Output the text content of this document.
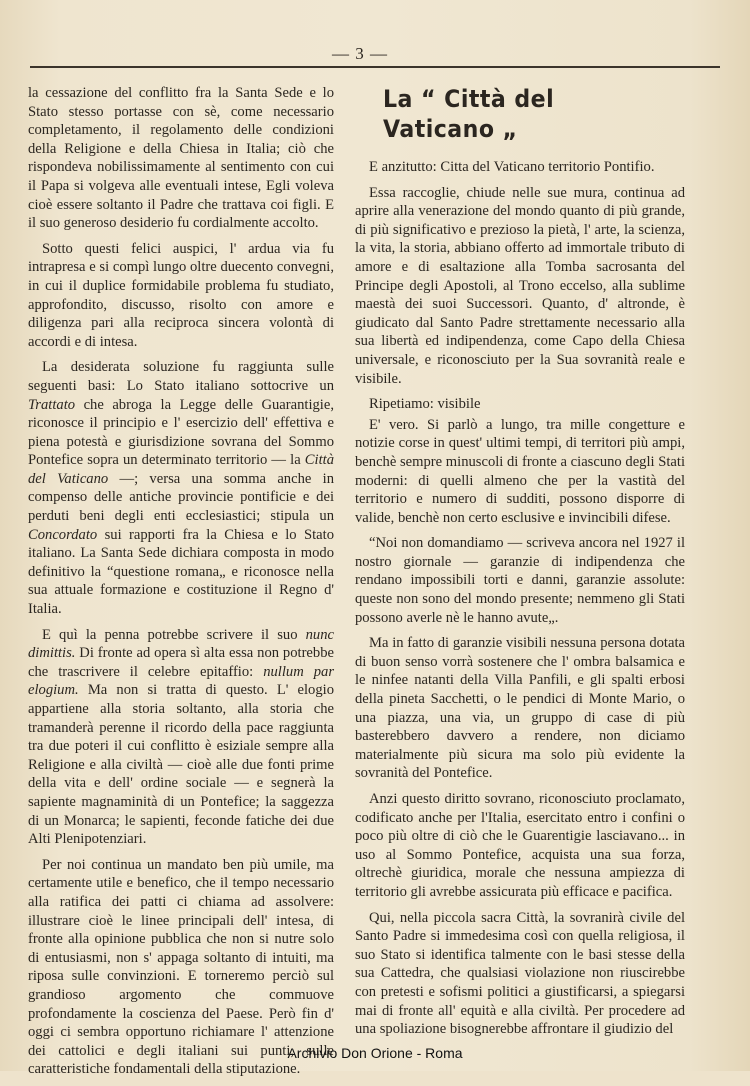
— 3 —

la cessazione del conflitto fra la Santa Sede e lo Stato stesso portasse con sè, come necessario completamento, il regolamento delle condizioni della Religione e della Chiesa in Italia; ciò che rispondeva nobilissimamente al sentimento con cui il Papa si volgeva alle eventuali intese, Egli voleva cioè essere soltanto il Padre che trattava coi figli. E il suo generoso desiderio fu cordialmente accolto.

Sotto questi felici auspici, l' ardua via fu intrapresa e si compì lungo oltre duecento convegni, in cui il duplice formidabile problema fu studiato, approfondito, discusso, risolto con amore e diligenza pari alla reciproca sincera volontà di accordi e di intesa.

La desiderata soluzione fu raggiunta sulle seguenti basi: Lo Stato italiano sottocrive un Trattato che abroga la Legge delle Guarantigie, riconosce il principio e l' esercizio dell' effettiva e piena potestà e giurisdizione sovrana del Sommo Pontefice sopra un determinato territorio — la Città del Vaticano —; versa una somma anche in compenso delle antiche provincie pontificie e dei perduti beni degli enti ecclesiastici; stipula un Concordato sui rapporti fra la Chiesa e lo Stato italiano. La Santa Sede dichiara composta in modo definitivo la “questione romana„ e riconosce nella sua attuale formazione e costituzione il Regno d' Italia.

E quì la penna potrebbe scrivere il suo nunc dimittis. Di fronte ad opera sì alta essa non potrebbe che trascrivere il celebre epitaffio: nullum par elogium. Ma non si tratta di questo. L' elogio appartiene alla storia soltanto, alla storia che tramanderà perenne il ricordo della pace raggiunta tra due poteri il cui conflitto è esiziale sempre alla Religione e alla civiltà — cioè alle due fonti prime della vita e dell' ordine sociale — e segnerà la sapiente magnaminità di un Pontefice; la saggezza di un Monarca; le sapienti, feconde fatiche dei due Alti Plenipotenziari.

Per noi continua un mandato ben più umile, ma certamente utile e benefico, che il tempo necessario alla ratifica dei patti ci chiama ad assolvere: illustrare cioè le linee principali dell' intesa, di fronte alla opinione pubblica che non si nutre solo di entusiasmi, non s' appaga soltanto di intuiti, ma riposa sulle convinzioni. E torneremo perciò sul grandioso argomento che commuove profondamente la coscienza del Paese. Però fin d' oggi ci sembra opportuno richiamare l' attenzione dei cattolici e degli italiani sui punti, sulle caratteristiche fondamentali della stiputazione.

La “ Città del Vaticano „

E anzitutto: Citta del Vaticano territorio Pontifio.

Essa raccoglie, chiude nelle sue mura, continua ad aprire alla venerazione del mondo quanto di più grande, di più significativo e prezioso la pietà, l' arte, la scienza, la vita, la storia, abbiano offerto ad immortale tributo di amore e di esaltazione alla Tomba sacrosanta del Principe degli Apostoli, al Trono eccelso, alla sublime maestà dei suoi Successori. Quanto, d' altronde, è giudicato dal Santo Padre strettamente necessario alla sua libertà ed indipendenza, come Capo della Chiesa universale, e riconosciuto per la Sua sovranità reale e visibile.

Ripetiamo: visibile

E' vero. Si parlò a lungo, tra mille congetture e notizie corse in quest' ultimi tempi, di territori più ampi, benchè sempre minuscoli di fronte a ciascuno degli Stati moderni: di quelli almeno che per la vastità del territorio e numero di sudditi, possono disporre di valide, benchè non certo esclusive e invincibili difese.

“Noi non domandiamo — scriveva ancora nel 1927 il nostro giornale — garanzie di indipendenza che rendano impossibili torti e danni, garanzie assolute: queste non sono del mondo presente; nemmeno gli Stati possono averle nè le hanno avute„.

Ma in fatto di garanzie visibili nessuna persona dotata di buon senso vorrà sostenere che l' ombra balsamica e le ninfee natanti della Villa Panfili, e gli spalti erbosi della pineta Sacchetti, o le pendici di Monte Mario, o una piazza, una via, un gruppo di case di più basterebbero davvero a rendere, non diciamo materialmente più sicura ma solo più evidente la sovranità del Pontefice.

Anzi questo diritto sovrano, riconosciuto proclamato, codificato anche per l'Italia, esercitato entro i confini o poco più oltre di ciò che le Guarentigie lasciavano... in uso al Sommo Pontefice, acquista una sua forza, oltrechè giuridica, morale che nessuna ampiezza di territorio gli avrebbe assicurata più efficace e pacifica.

Qui, nella piccola sacra Città, la sovranirà civile del Santo Padre si immedesima così con quella religiosa, il suo Stato si identifica talmente con le basi stesse della sua Cattedra, che qualsiasi violazione non riuscirebbe con pretesti e sofismi politici a giustificarsi, a spiegarsi mai di fronte all' equità e alla civiltà. Per procedere ad una spoliazione bisognerebbe affrontare il giudizio del

Archivio Don Orione - Roma
